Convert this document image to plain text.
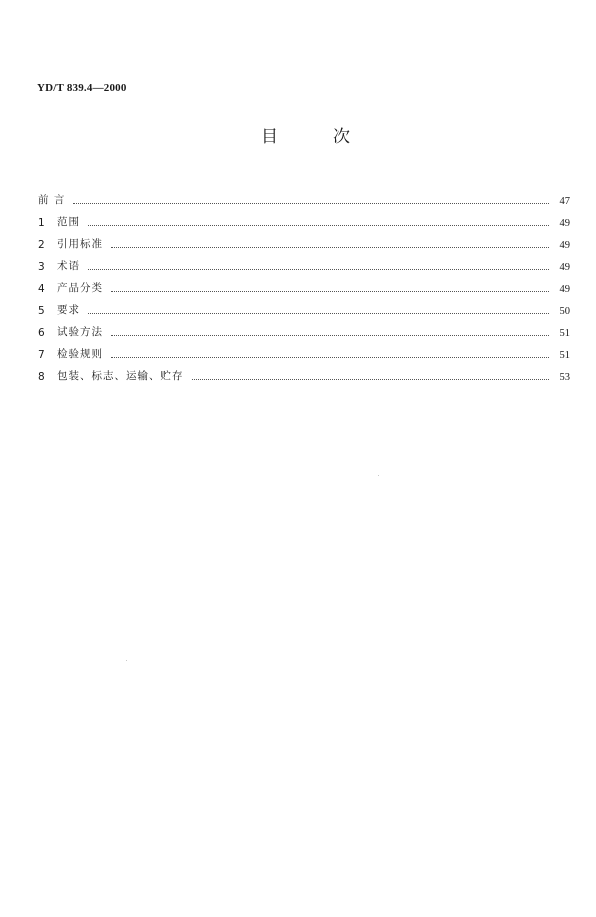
YD/T 839.4—2000
目	次
前 言	47
1	范围	49
2	引用标准	49
3	术语	49
4	产品分类	49
5	要求	50
6	试验方法	51
7	检验规则	51
8	包装、标志、运输、贮存	53
